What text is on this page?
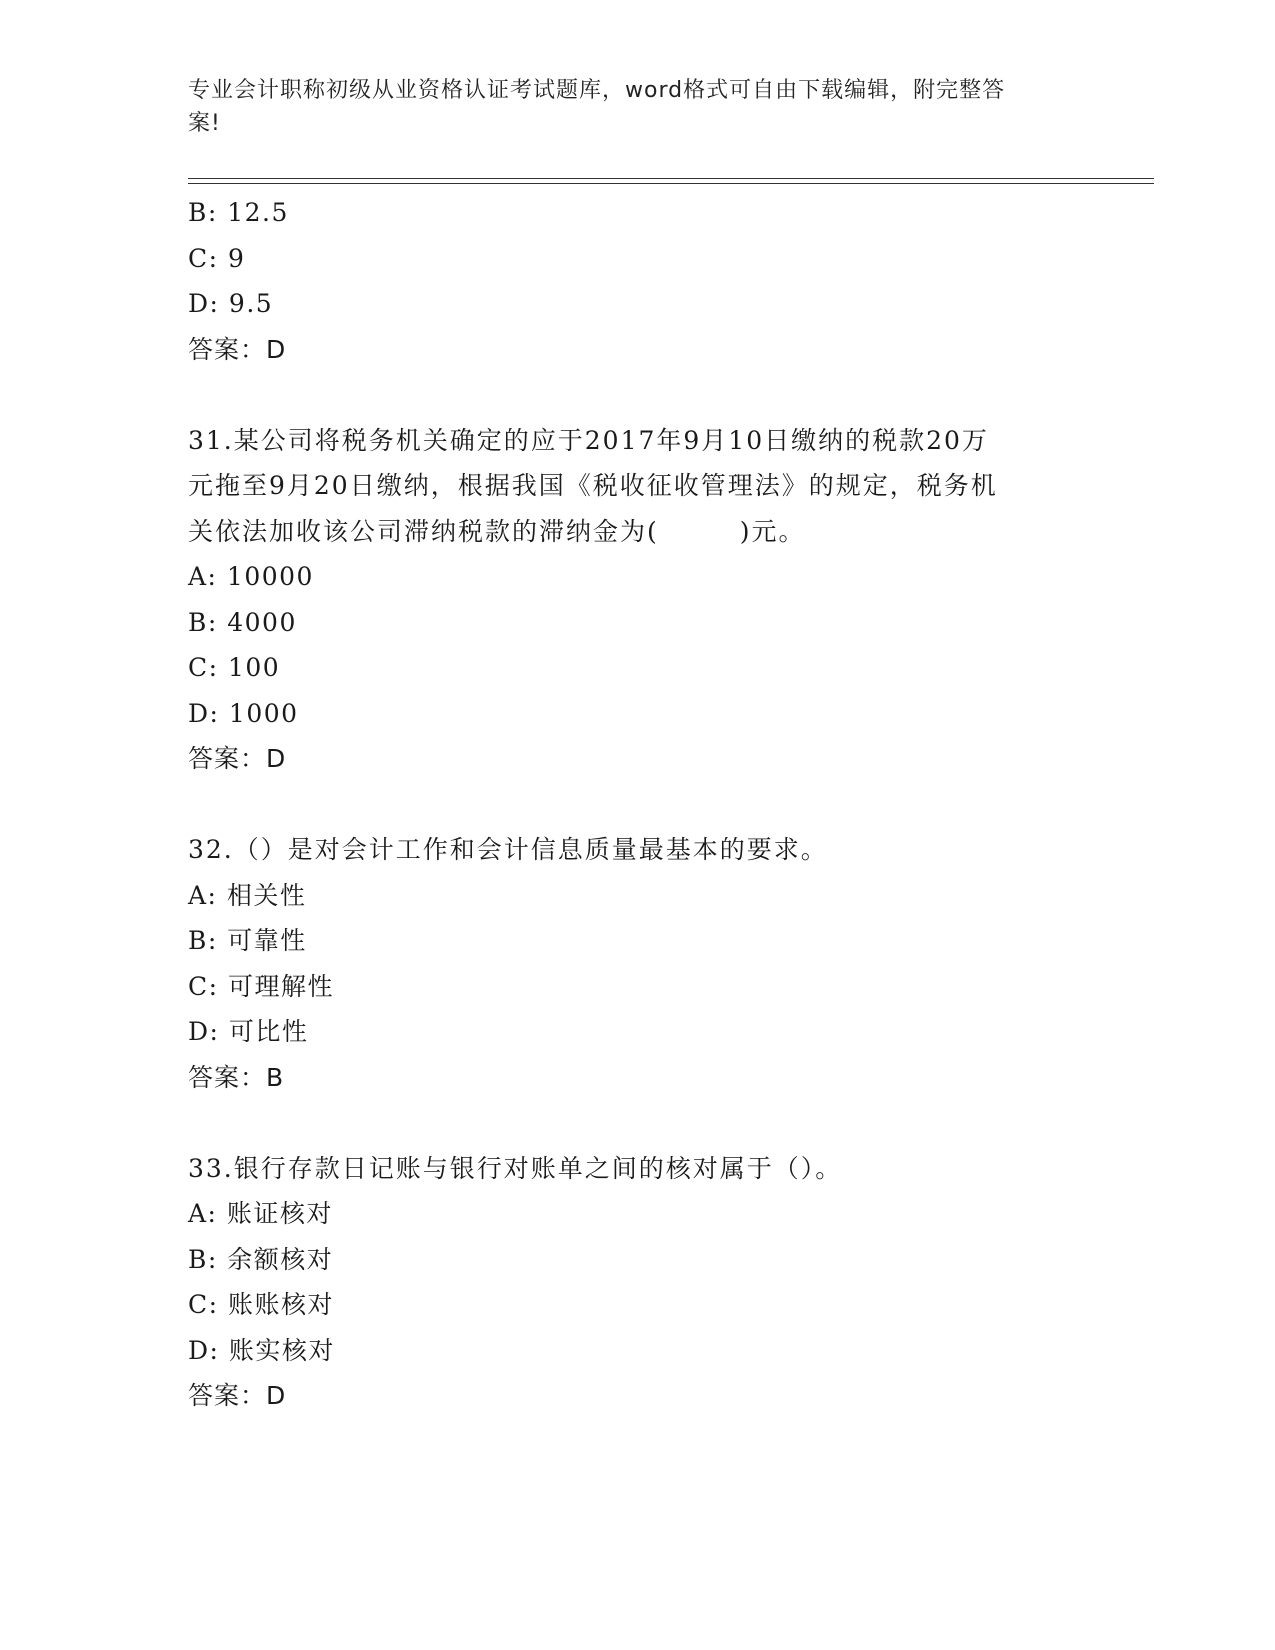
专业会计职称初级从业资格认证考试题库，word格式可自由下载编辑，附完整答
案!
B: 12.5
C: 9
D: 9.5
答案：D
31.某公司将税务机关确定的应于2017年9月10日缴纳的税款20万
元拖至9月20日缴纳，根据我国《税收征收管理法》的规定，税务机
关依法加收该公司滞纳税款的滞纳金为(　　　)元。
A: 10000
B: 4000
C: 100
D: 1000
答案：D
32.（）是对会计工作和会计信息质量最基本的要求。
A: 相关性
B: 可靠性
C: 可理解性
D: 可比性
答案：B
33.银行存款日记账与银行对账单之间的核对属于（）。
A: 账证核对
B: 余额核对
C: 账账核对
D: 账实核对
答案：D
